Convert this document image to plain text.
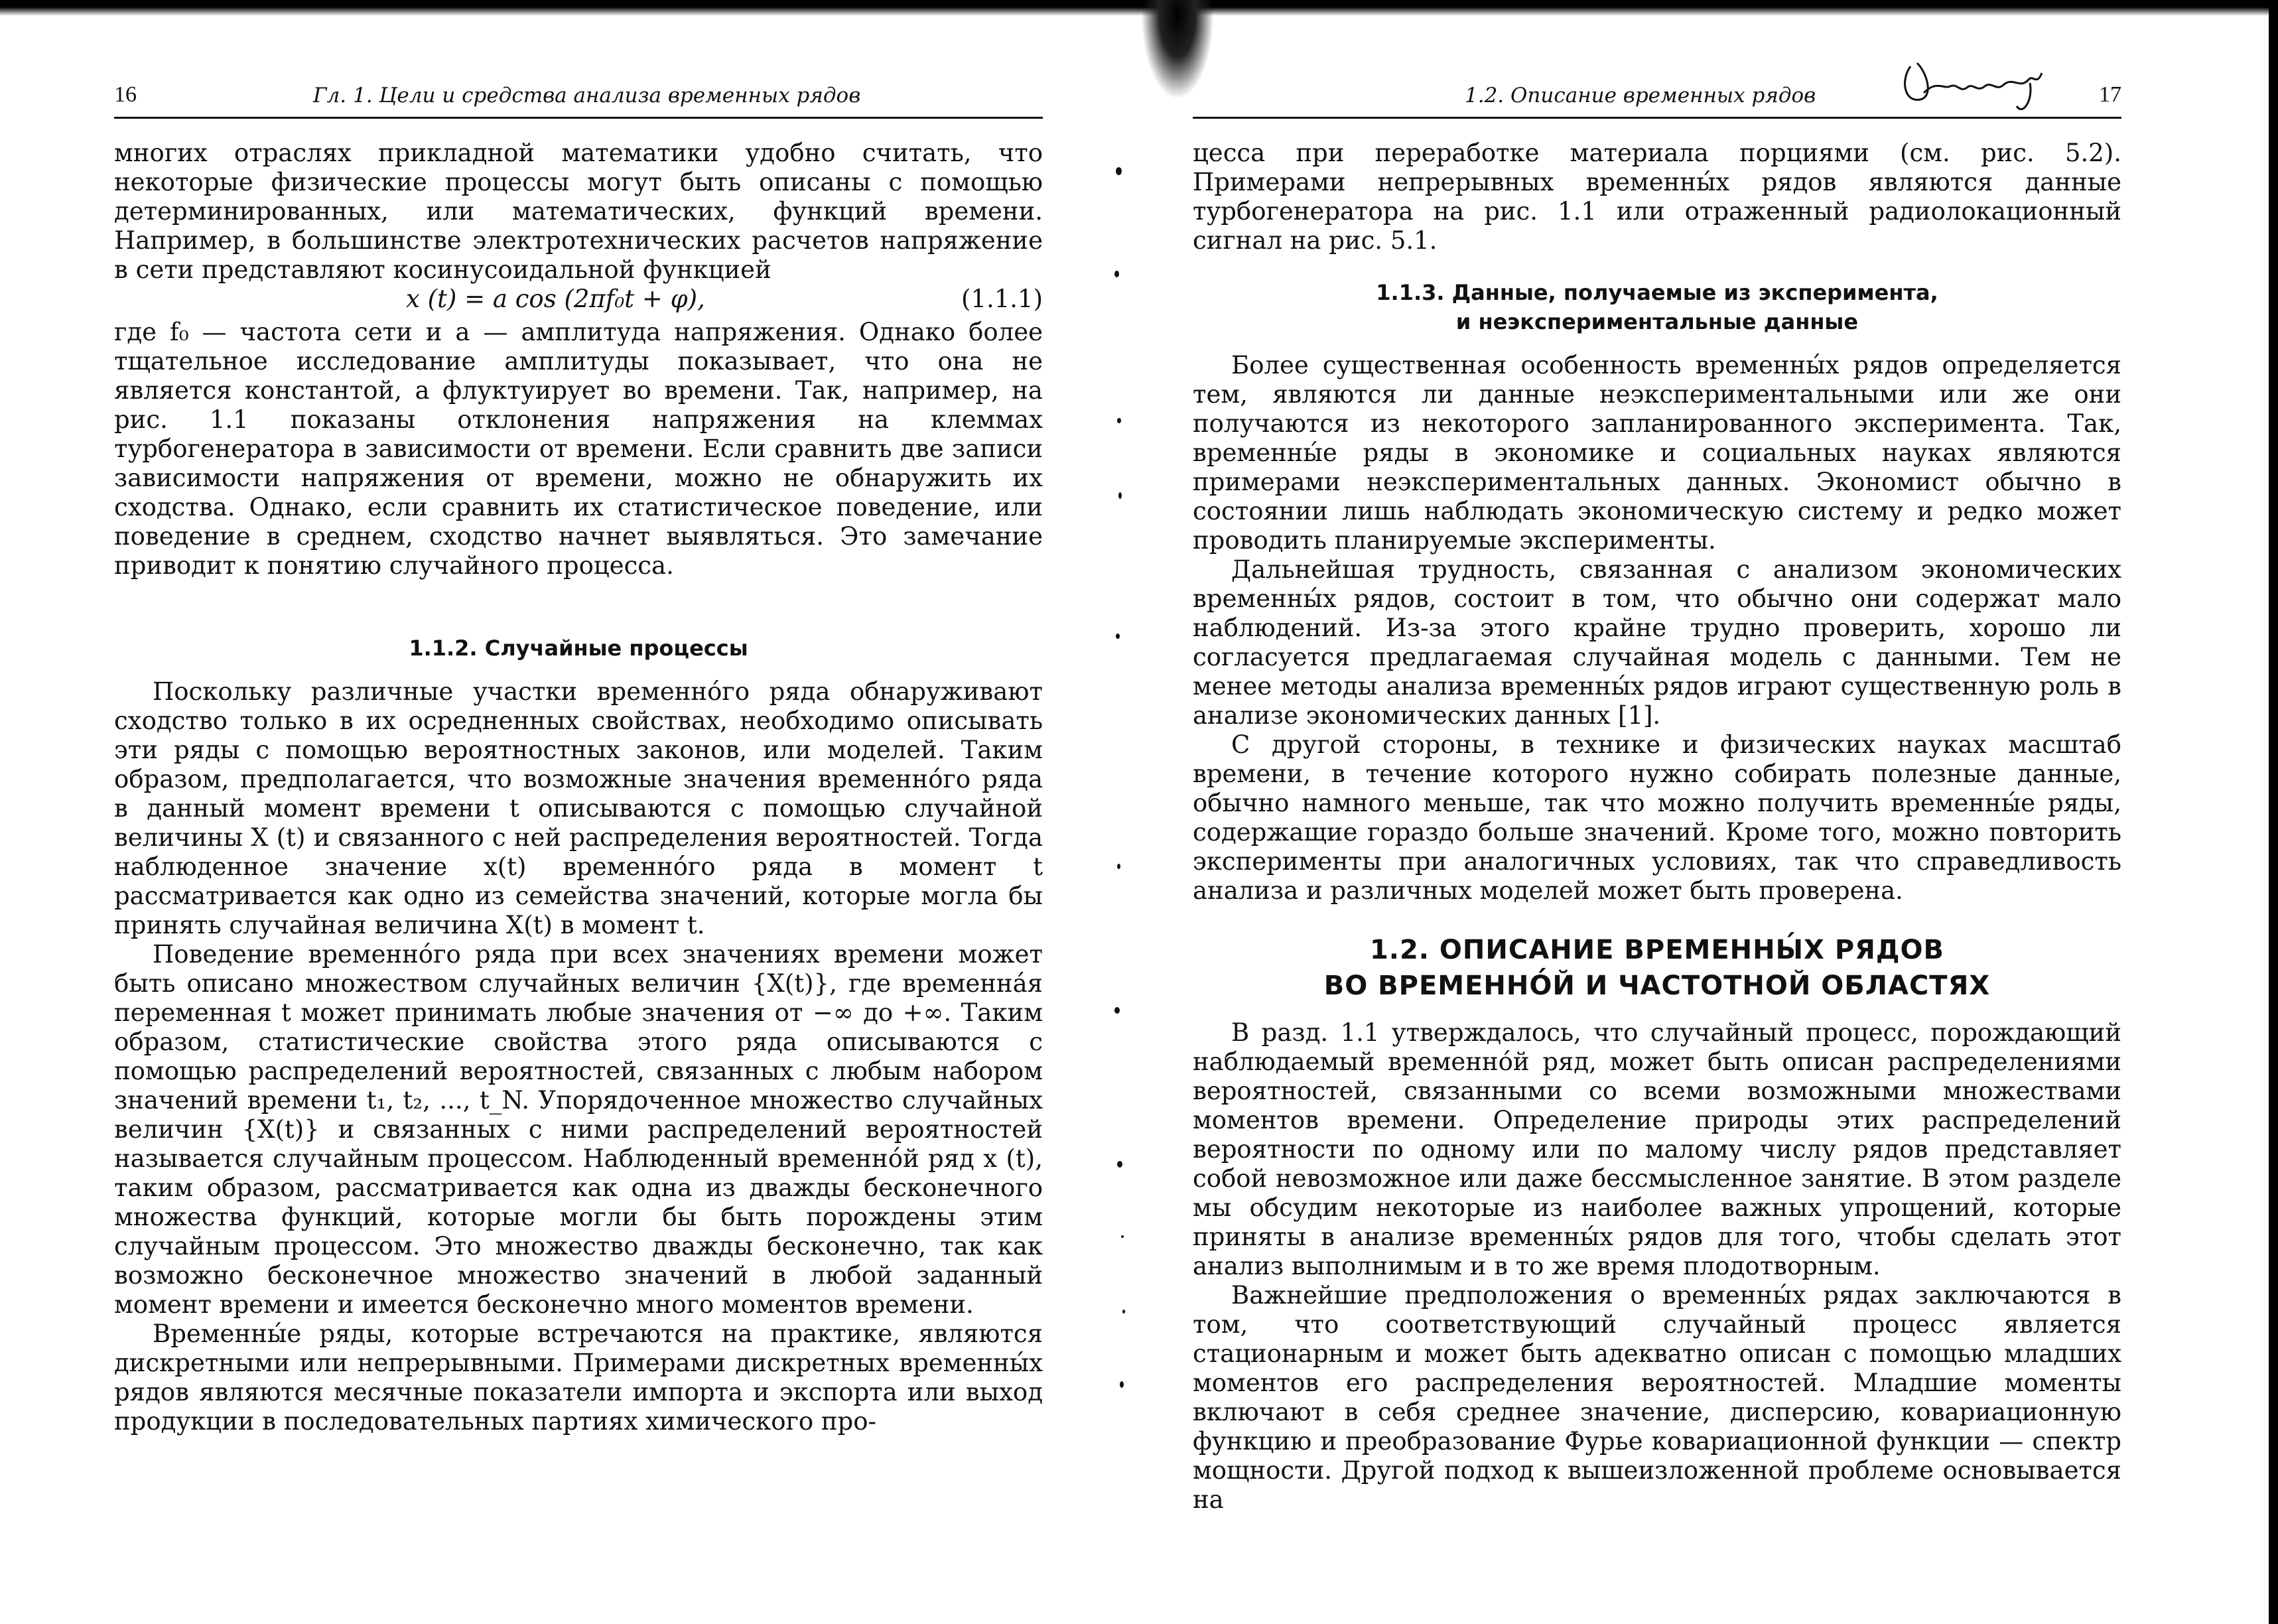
16	Гл. 1. Цели и средства анализа временных рядов

многих отраслях прикладной математики удобно считать, что некоторые физические процессы могут быть описаны с помощью детерминированных, или математических, функций времени. Например, в большинстве электротехнических расчетов напряжение в сети представляют косинусоидальной функцией

x (t) = a cos (2πf₀t + φ),	(1.1.1)

где f₀ — частота сети и a — амплитуда напряжения. Однако более тщательное исследование амплитуды показывает, что она не является константой, а флуктуирует во времени. Так, например, на рис. 1.1 показаны отклонения напряжения на клеммах турбогенератора в зависимости от времени. Если сравнить две записи зависимости напряжения от времени, можно не обнаружить их сходства. Однако, если сравнить их статистическое поведение, или поведение в среднем, сходство начнет выявляться. Это замечание приводит к понятию случайного процесса.

1.1.2. Случайные процессы

Поскольку различные участки временно́го ряда обнаруживают сходство только в их осредненных свойствах, необходимо описывать эти ряды с помощью вероятностных законов, или моделей. Таким образом, предполагается, что возможные значения временно́го ряда в данный момент времени t описываются с помощью случайной величины X (t) и связанного с ней распределения вероятностей. Тогда наблюденное значение x(t) временно́го ряда в момент t рассматривается как одно из семейства значений, которые могла бы принять случайная величина X(t) в момент t.

Поведение временно́го ряда при всех значениях времени может быть описано множеством случайных величин {X(t)}, где временна́я переменная t может принимать любые значения от −∞ до +∞. Таким образом, статистические свойства этого ряда описываются с помощью распределений вероятностей, связанных с любым набором значений времени t₁, t₂, ..., t_N. Упорядоченное множество случайных величин {X(t)} и связанных с ними распределений вероятностей называется случайным процессом. Наблюденный временно́й ряд x (t), таким образом, рассматривается как одна из дважды бесконечного множества функций, которые могли бы быть порождены этим случайным процессом. Это множество дважды бесконечно, так как возможно бесконечное множество значений в любой заданный момент времени и имеется бесконечно много моментов времени.

Временны́е ряды, которые встречаются на практике, являются дискретными или непрерывными. Примерами дискретных временны́х рядов являются месячные показатели импорта и экспорта или выход продукции в последовательных партиях химического про-

1.2. Описание временных рядов	17

цесса при переработке материала порциями (см. рис. 5.2). Примерами непрерывных временны́х рядов являются данные турбогенератора на рис. 1.1 или отраженный радиолокационный сигнал на рис. 5.1.

1.1.3. Данные, получаемые из эксперимента,
и неэкспериментальные данные

Более существенная особенность временны́х рядов определяется тем, являются ли данные неэкспериментальными или же они получаются из некоторого запланированного эксперимента. Так, временны́е ряды в экономике и социальных науках являются примерами неэкспериментальных данных. Экономист обычно в состоянии лишь наблюдать экономическую систему и редко может проводить планируемые эксперименты.

Дальнейшая трудность, связанная с анализом экономических временны́х рядов, состоит в том, что обычно они содержат мало наблюдений. Из-за этого крайне трудно проверить, хорошо ли согласуется предлагаемая случайная модель с данными. Тем не менее методы анализа временны́х рядов играют существенную роль в анализе экономических данных [1].

С другой стороны, в технике и физических науках масштаб времени, в течение которого нужно собирать полезные данные, обычно намного меньше, так что можно получить временны́е ряды, содержащие гораздо больше значений. Кроме того, можно повторить эксперименты при аналогичных условиях, так что справедливость анализа и различных моделей может быть проверена.

1.2. ОПИСАНИЕ ВРЕМЕННЫ́Х РЯДОВ
ВО ВРЕМЕННО́Й И ЧАСТОТНОЙ ОБЛАСТЯХ

В разд. 1.1 утверждалось, что случайный процесс, порождающий наблюдаемый временно́й ряд, может быть описан распределениями вероятностей, связанными со всеми возможными множествами моментов времени. Определение природы этих распределений вероятности по одному или по малому числу рядов представляет собой невозможное или даже бессмысленное занятие. В этом разделе мы обсудим некоторые из наиболее важных упрощений, которые приняты в анализе временны́х рядов для того, чтобы сделать этот анализ выполнимым и в то же время плодотворным.

Важнейшие предположения о временны́х рядах заключаются в том, что соответствующий случайный процесс является стационарным и может быть адекватно описан с помощью младших моментов его распределения вероятностей. Младшие моменты включают в себя среднее значение, дисперсию, ковариационную функцию и преобразование Фурье ковариационной функции — спектр мощности. Другой подход к вышеизложенной проблеме основывается на
